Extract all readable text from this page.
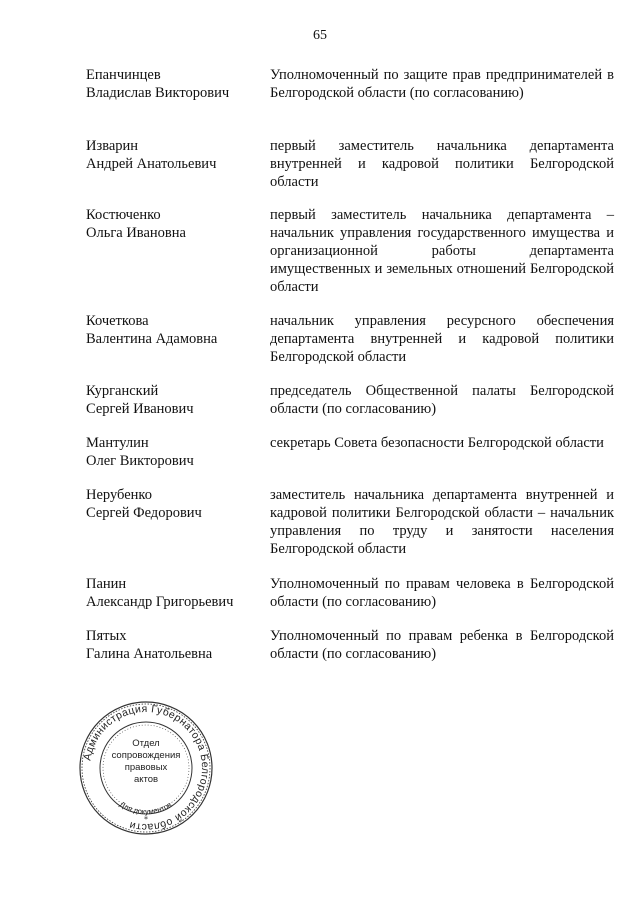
65
Епанчинцев
Владислав Викторович
Уполномоченный по защите прав предпринимателей в Белгородской области (по согласованию)
Изварин
Андрей Анатольевич
первый заместитель начальника департамента внутренней и кадровой политики Белгородской области
Костюченко
Ольга Ивановна
первый заместитель начальника департамента – начальник управления государственного имущества и организационной работы департамента имущественных и земельных отношений Белгородской области
Кочеткова
Валентина Адамовна
начальник управления ресурсного обеспечения департамента внутренней и кадровой политики Белгородской области
Курганский
Сергей Иванович
председатель Общественной палаты Белгородской области (по согласованию)
Мантулин
Олег Викторович
секретарь Совета безопасности Белгородской области
Нерубенко
Сергей Федорович
заместитель начальника департамента внутренней и кадровой политики Белгородской области – начальник управления по труду и занятости населения Белгородской области
Панин
Александр Григорьевич
Уполномоченный по правам человека в Белгородской области (по согласованию)
Пятых
Галина Анатольевна
Уполномоченный по правам ребенка в Белгородской области (по согласованию)
Администрация Губернатора Белгородской области
Для документов
*
Отдел
сопровождения
правовых
актов
